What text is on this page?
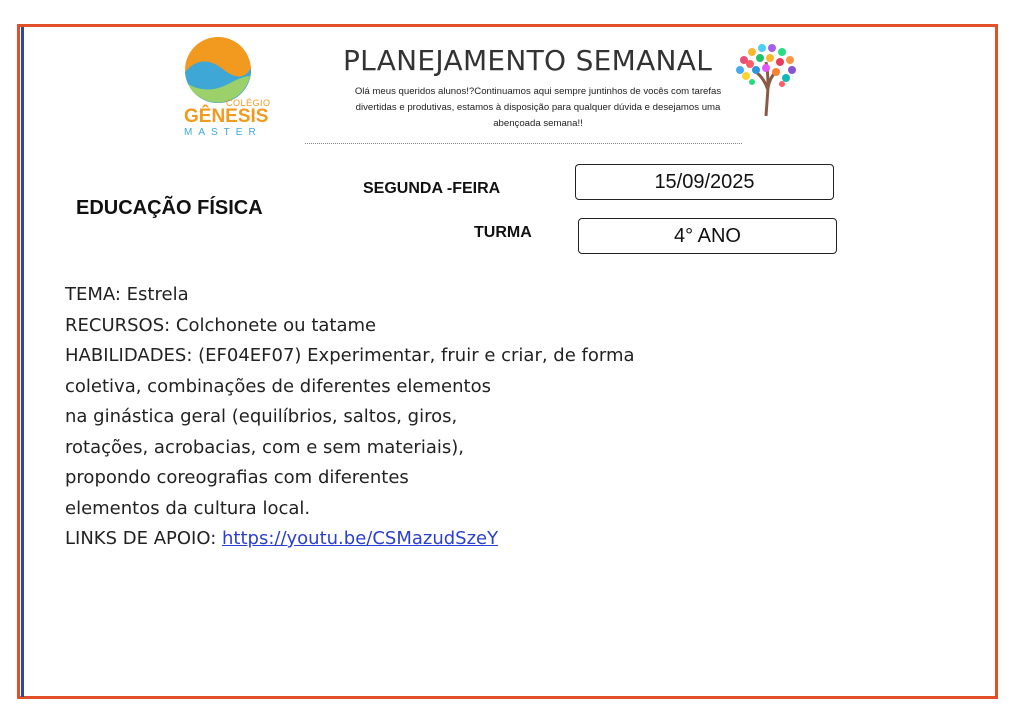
COLÉGIO
GÊNESIS
MASTER
PLANEJAMENTO SEMANAL
Olá meus queridos alunos!?Continuamos aqui sempre juntinhos de vocês com tarefas divertidas e produtivas, estamos à disposição para qualquer dúvida e desejamos uma abençoada semana!!
EDUCAÇÃO FÍSICA
SEGUNDA -FEIRA	15/09/2025
TURMA	4° ANO
TEMA: Estrela
RECURSOS: Colchonete ou tatame
HABILIDADES: (EF04EF07) Experimentar, fruir e criar, de forma
coletiva, combinações de diferentes elementos
na ginástica geral (equilíbrios, saltos, giros,
rotações, acrobacias, com e sem materiais),
propondo coreografias com diferentes
elementos da cultura local.
LINKS DE APOIO: https://youtu.be/CSMazudSzeY
